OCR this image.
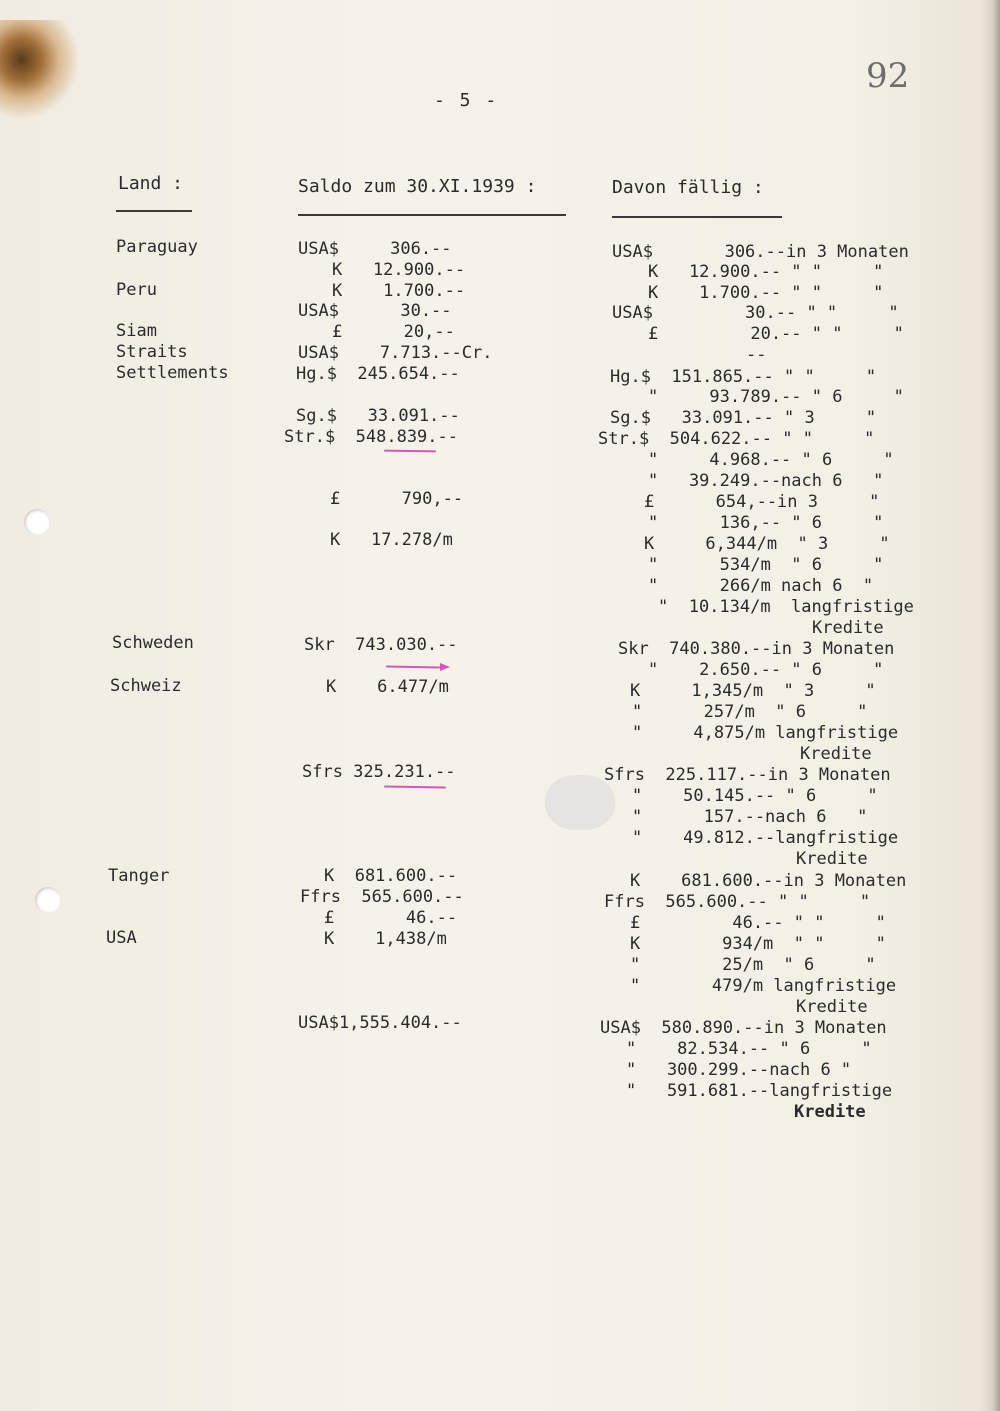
- 5 -
92
Land :	Saldo zum 30.XI.1939 :	Davon fällig :
Paraguay
Peru
Siam
Straits
Settlements
Schweden
Schweiz
Tanger
USA
USA$     306.--
K   12.900.--
K    1.700.--
USA$      30.--
£      20,--
USA$    7.713.--Cr.
Hg.$  245.654.--
Sg.$   33.091.--
Str.$  548.839.--
£      790,--
K   17.278/m
Skr  743.030.--
K    6.477/m
Sfrs 325.231.--
K  681.600.--
Ffrs  565.600.--
£       46.--
K    1,438/m
USA$1,555.404.--
USA$       306.--in 3 Monaten
K   12.900.-- " "     "
K    1.700.-- " "     "
USA$         30.-- " "     "
£         20.-- " "     "
--
Hg.$  151.865.-- " "     "
"     93.789.-- " 6     "
Sg.$   33.091.-- " 3     "
Str.$  504.622.-- " "     "
"     4.968.-- " 6     "
"   39.249.--nach 6   "
£      654,--in 3     "
"      136,-- " 6     "
K     6,344/m  " 3     "
"      534/m  " 6     "
"      266/m nach 6  "
"  10.134/m  langfristige
Kredite
Skr  740.380.--in 3 Monaten
"    2.650.-- " 6     "
K     1,345/m  " 3     "
"      257/m  " 6     "
"     4,875/m langfristige
Kredite
Sfrs  225.117.--in 3 Monaten
"    50.145.-- " 6     "
"      157.--nach 6   "
"    49.812.--langfristige
Kredite
K    681.600.--in 3 Monaten
Ffrs  565.600.-- " "     "
£         46.-- " "     "
K        934/m  " "     "
"        25/m  " 6     "
"       479/m langfristige
Kredite
USA$  580.890.--in 3 Monaten
"    82.534.-- " 6     "
"   300.299.--nach 6 "
"   591.681.--langfristige
Kredite
